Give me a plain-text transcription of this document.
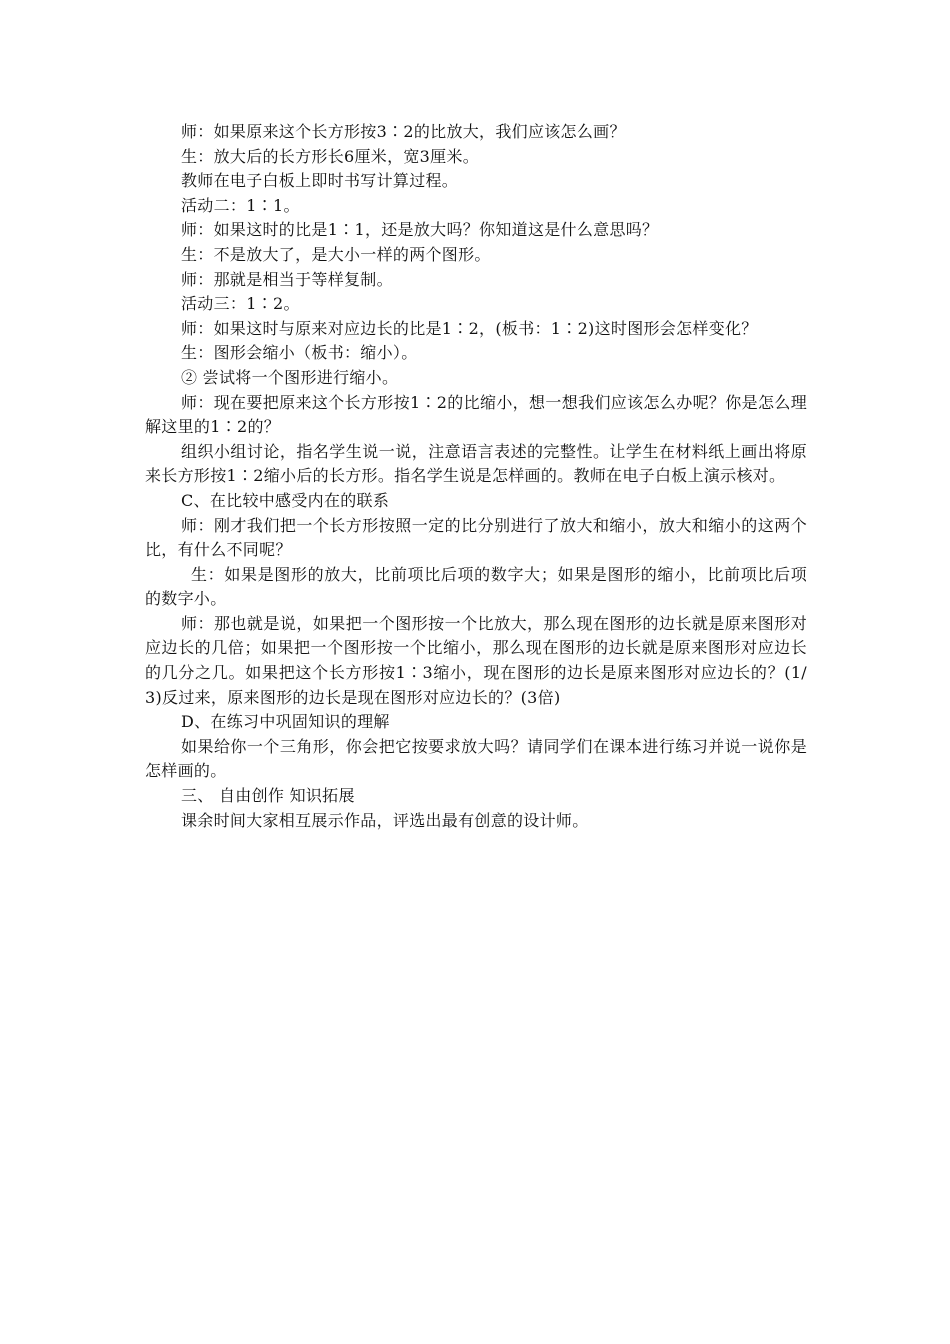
师：如果原来这个长方形按3∶2的比放大，我们应该怎么画？

生：放大后的长方形长6厘米，宽3厘米。

教师在电子白板上即时书写计算过程。

活动二：1∶1。

师：如果这时的比是1∶1，还是放大吗？你知道这是什么意思吗？

生：不是放大了，是大小一样的两个图形。

师：那就是相当于等样复制。

活动三：1∶2。

师：如果这时与原来对应边长的比是1∶2，(板书：1∶2)这时图形会怎样变化？

生：图形会缩小（板书：缩小）。

② 尝试将一个图形进行缩小。

师：现在要把原来这个长方形按1∶2的比缩小，想一想我们应该怎么办呢？你是怎么理解这里的1∶2的？

组织小组讨论，指名学生说一说，注意语言表述的完整性。让学生在材料纸上画出将原来长方形按1∶2缩小后的长方形。指名学生说是怎样画的。教师在电子白板上演示核对。

C、在比较中感受内在的联系

师：刚才我们把一个长方形按照一定的比分别进行了放大和缩小，放大和缩小的这两个比，有什么不同呢？

生：如果是图形的放大，比前项比后项的数字大；如果是图形的缩小，比前项比后项的数字小。

师：那也就是说，如果把一个图形按一个比放大，那么现在图形的边长就是原来图形对应边长的几倍；如果把一个图形按一个比缩小，那么现在图形的边长就是原来图形对应边长的几分之几。如果把这个长方形按1∶3缩小，现在图形的边长是原来图形对应边长的？(1/3)反过来，原来图形的边长是现在图形对应边长的？(3倍)

D、在练习中巩固知识的理解

如果给你一个三角形，你会把它按要求放大吗？请同学们在课本进行练习并说一说你是怎样画的。

三、 自由创作 知识拓展

课余时间大家相互展示作品，评选出最有创意的设计师。
